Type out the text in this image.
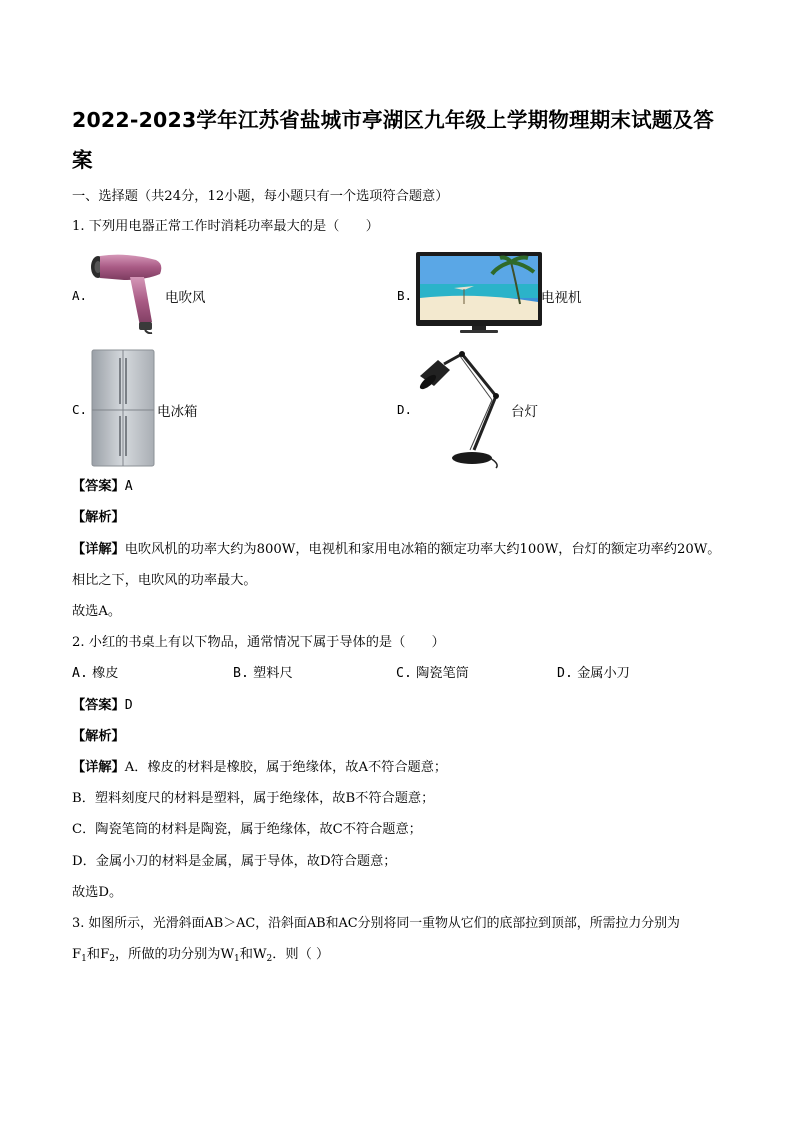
2022-2023学年江苏省盐城市亭湖区九年级上学期物理期末试题及答案
一、选择题（共24分，12小题，每小题只有一个选项符合题意）
1. 下列用电器正常工作时消耗功率最大的是（　　）
A.	电吹风	B.	电视机
C.	电冰箱	D.	台灯
【答案】A
【解析】
【详解】电吹风机的功率大约为800W，电视机和家用电冰箱的额定功率大约100W，台灯的额定功率约20W。
相比之下，电吹风的功率最大。
故选A。
2. 小红的书桌上有以下物品，通常情况下属于导体的是（　　）
A. 橡皮	B. 塑料尺	C. 陶瓷笔筒	D. 金属小刀
【答案】D
【解析】
【详解】A．橡皮的材料是橡胶，属于绝缘体，故A不符合题意；
B．塑料刻度尺的材料是塑料，属于绝缘体，故B不符合题意；
C．陶瓷笔筒的材料是陶瓷，属于绝缘体，故C不符合题意；
D．金属小刀的材料是金属，属于导体，故D符合题意；
故选D。
3. 如图所示，光滑斜面AB＞AC，沿斜面AB和AC分别将同一重物从它们的底部拉到顶部，所需拉力分别为
$F_1$和$F_2$，所做的功分别为$W_1$和$W_2$．则（ ）
